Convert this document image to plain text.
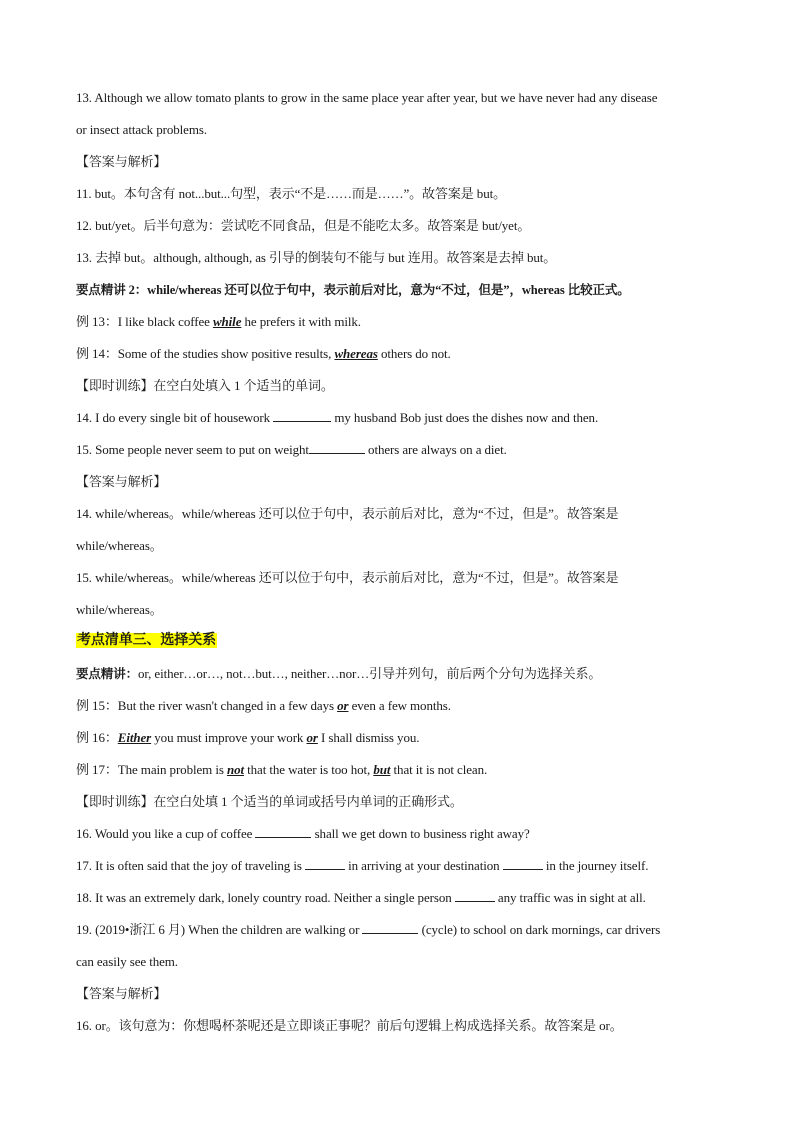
13. Although we allow tomato plants to grow in the same place year after year, but we have never had any disease
or insect attack problems.
【答案与解析】
11. but。本句含有 not...but...句型，表示“不是……而是……”。故答案是 but。
12. but/yet。后半句意为：尝试吃不同食品，但是不能吃太多。故答案是 but/yet。
13. 去掉 but。although, although, as 引导的倒装句不能与 but 连用。故答案是去掉 but。
要点精讲 2：while/whereas 还可以位于句中，表示前后对比，意为“不过，但是”，whereas 比较正式。
例 13：I like black coffee while he prefers it with milk.
例 14：Some of the studies show positive results, whereas others do not.
【即时训练】在空白处填入 1 个适当的单词。
14. I do every single bit of housework	my husband Bob just does the dishes now and then.
15. Some people never seem to put on weight	others are always on a diet.
【答案与解析】
14. while/whereas。while/whereas 还可以位于句中，表示前后对比，意为“不过，但是”。故答案是
while/whereas。
15. while/whereas。while/whereas 还可以位于句中，表示前后对比，意为“不过，但是”。故答案是
while/whereas。
考点清单三、选择关系
要点精讲：or, either…or…, not…but…, neither…nor…引导并列句，前后两个分句为选择关系。
例 15：But the river wasn't changed in a few days or even a few months.
例 16：Either you must improve your work or I shall dismiss you.
例 17：The main problem is not that the water is too hot, but that it is not clean.
【即时训练】在空白处填 1 个适当的单词或括号内单词的正确形式。
16. Would you like a cup of coffee	shall we get down to business right away?
17. It is often said that the joy of traveling is	in arriving at your destination	in the journey itself.
18. It was an extremely dark, lonely country road. Neither a single person	any traffic was in sight at all.
19. (2019•浙江 6 月) When the children are walking or	(cycle) to school on dark mornings, car drivers
can easily see them.
【答案与解析】
16. or。该句意为：你想喝杯茶呢还是立即谈正事呢？前后句逻辑上构成选择关系。故答案是 or。
